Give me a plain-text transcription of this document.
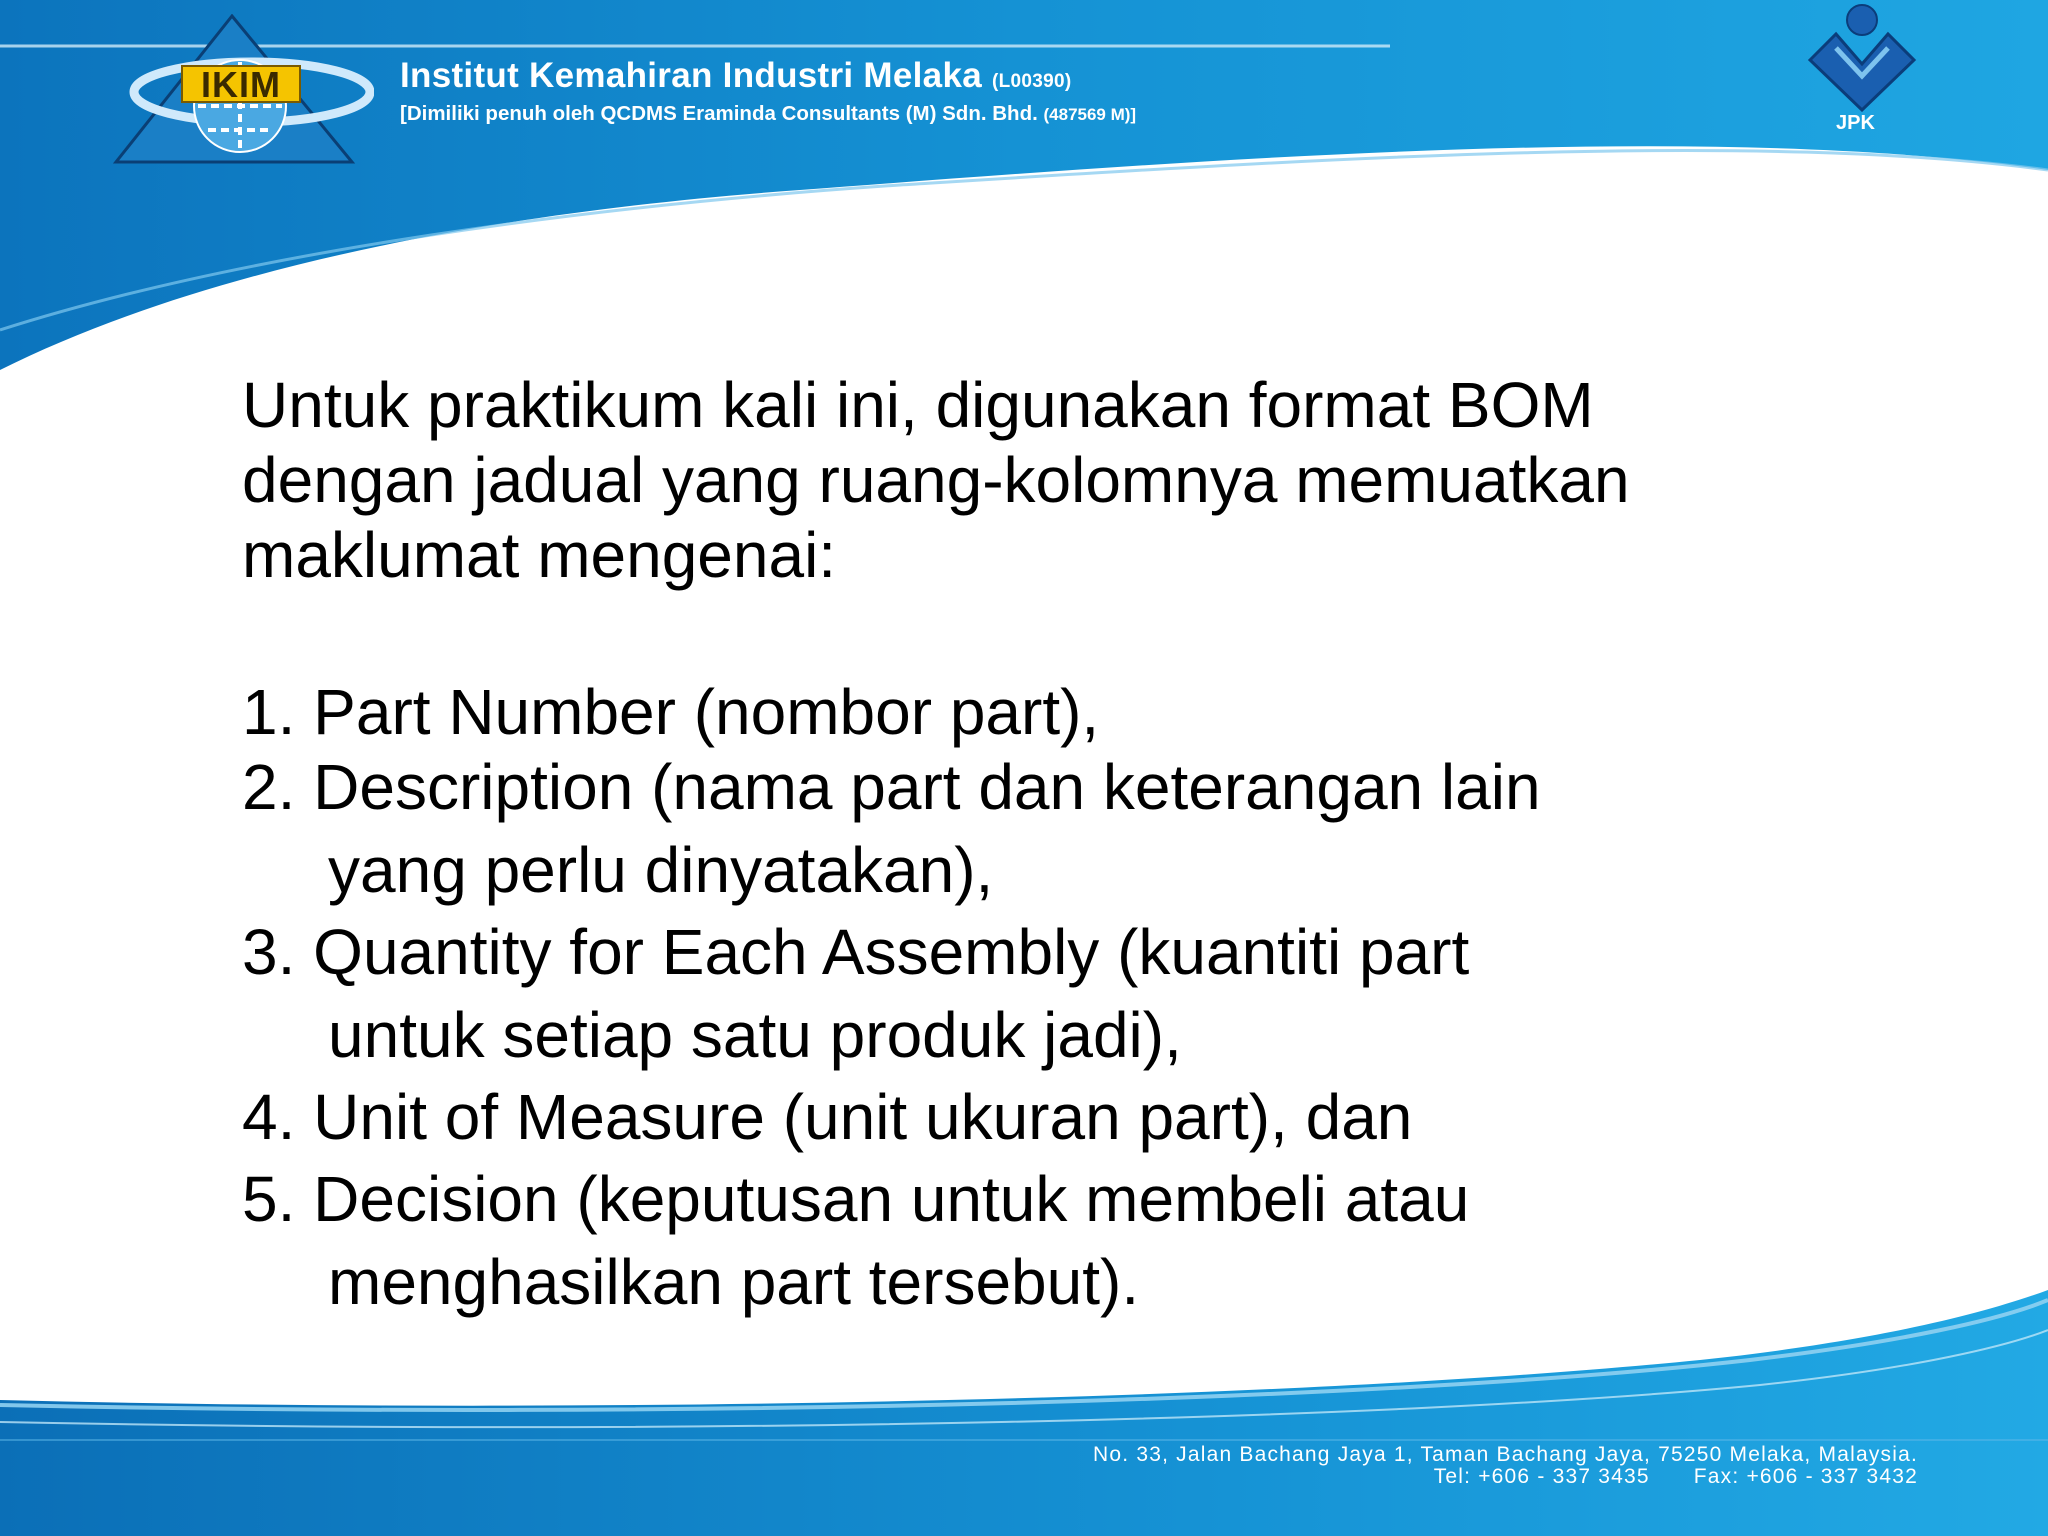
IKIM	Institut Kemahiran Industri Melaka (L00390)
[Dimiliki penuh oleh QCDMS Eraminda Consultants (M) Sdn. Bhd. (487569 M)]	JPK
Untuk praktikum kali ini, digunakan format BOM
dengan jadual yang ruang-kolomnya memuatkan
maklumat mengenai:
1. Part Number (nombor part),
2. Description (nama part dan keterangan lain
yang perlu dinyatakan),
3. Quantity for Each Assembly (kuantiti part
untuk setiap satu produk jadi),
4. Unit of Measure (unit ukuran part), dan
5. Decision (keputusan untuk membeli atau
menghasilkan part tersebut).
No. 33, Jalan Bachang Jaya 1, Taman Bachang Jaya, 75250 Melaka, Malaysia.
Tel: +606 - 337 3435 Fax: +606 - 337 3432
